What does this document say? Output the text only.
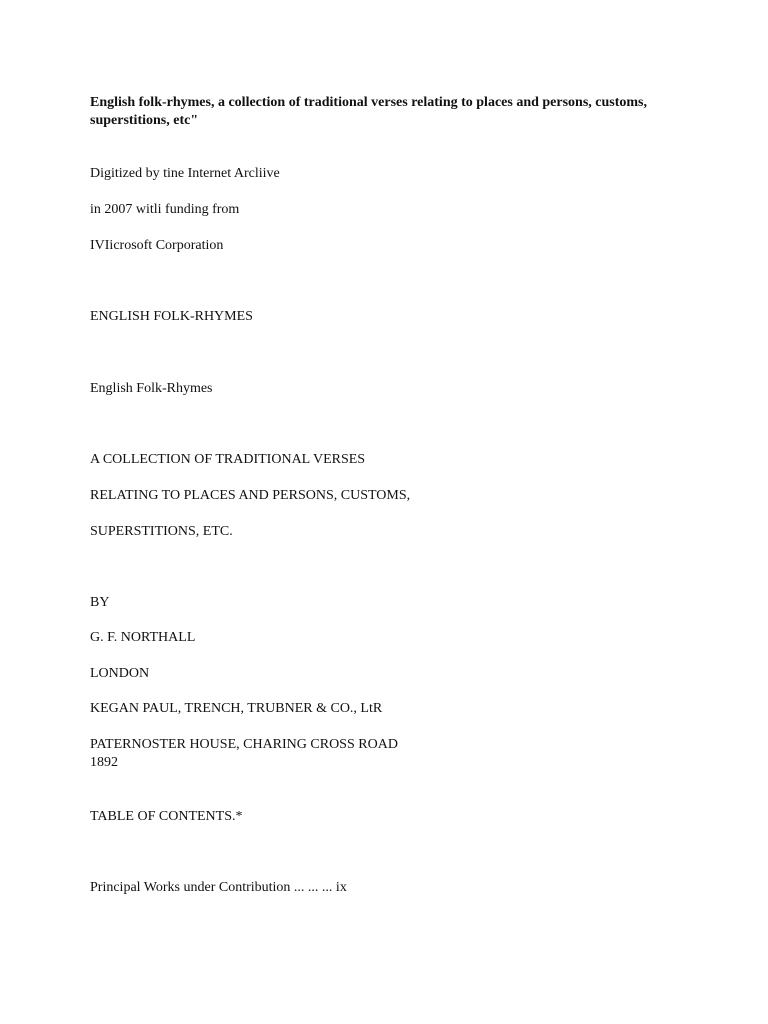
English folk-rhymes, a collection of traditional verses relating to places and persons, customs, superstitions, etc"
Digitized by tine Internet Arcliive
in 2007 witli funding from
IVIicrosoft Corporation
ENGLISH FOLK-RHYMES
English Folk-Rhymes
A COLLECTION OF TRADITIONAL VERSES
RELATING TO PLACES AND PERSONS, CUSTOMS,
SUPERSTITIONS, ETC.
BY
G. F. NORTHALL
LONDON
KEGAN PAUL, TRENCH, TRUBNER & CO., LtR
PATERNOSTER HOUSE, CHARING CROSS ROAD
1892
TABLE OF CONTENTS.*
Principal Works under Contribution ... ... ... ix
